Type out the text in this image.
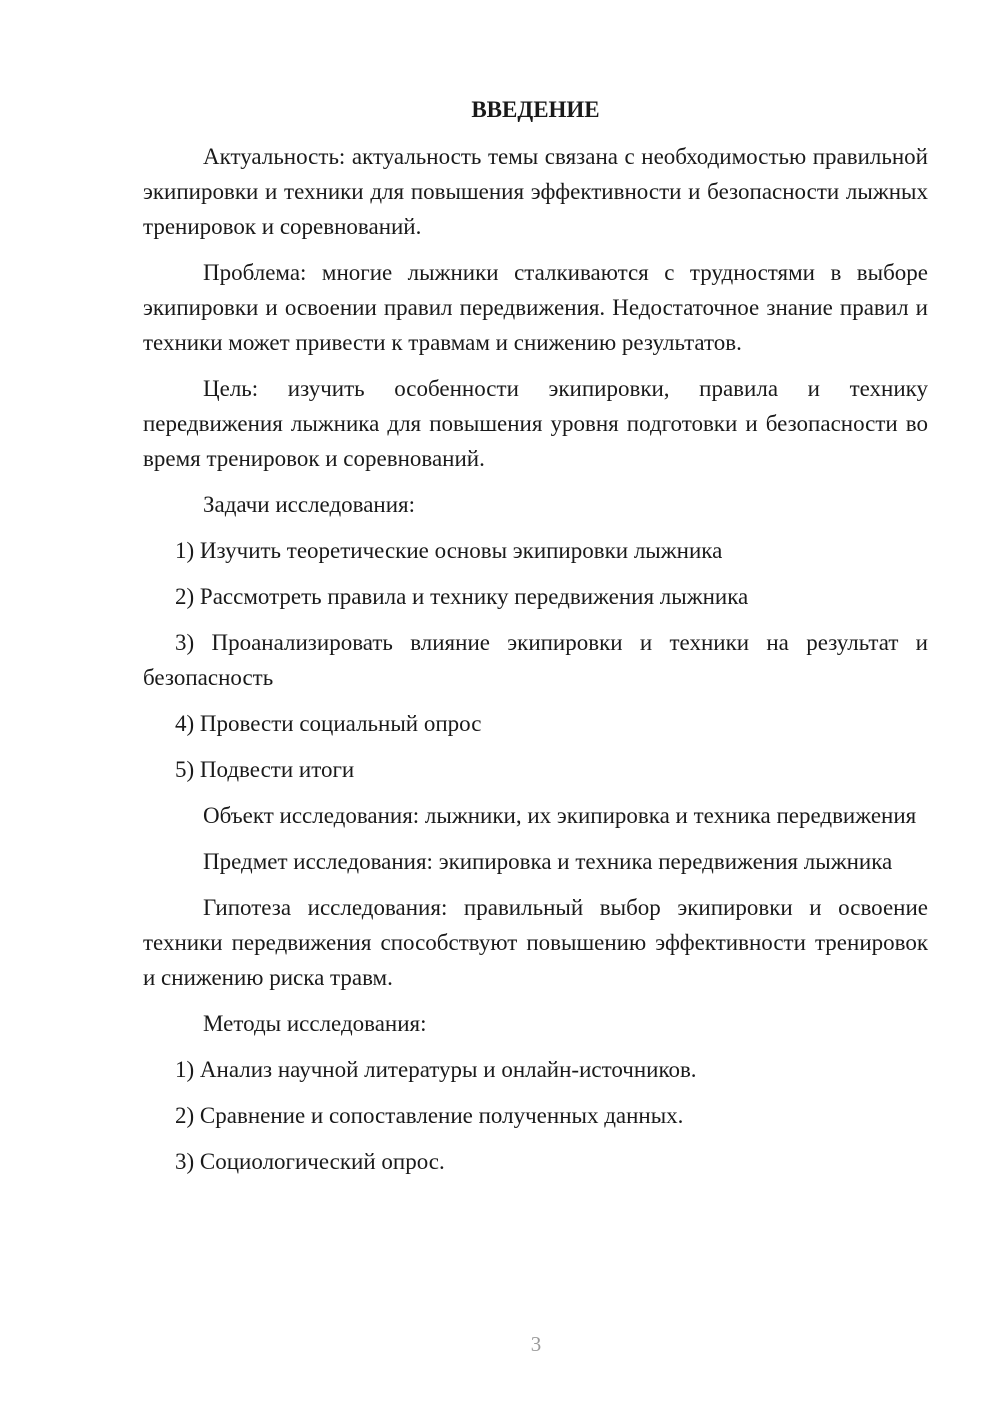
ВВЕДЕНИЕ

Актуальность: актуальность темы связана с необходимостью правильной экипировки и техники для повышения эффективности и безопасности лыжных тренировок и соревнований.

Проблема: многие лыжники сталкиваются с трудностями в выборе экипировки и освоении правил передвижения. Недостаточное знание правил и техники может привести к травмам и снижению результатов.

Цель: изучить особенности экипировки, правила и технику передвижения лыжника для повышения уровня подготовки и безопасности во время тренировок и соревнований.

Задачи исследования:

1) Изучить теоретические основы экипировки лыжника

2) Рассмотреть правила и технику передвижения лыжника

3) Проанализировать влияние экипировки и техники на результат и безопасность

4) Провести социальный опрос

5) Подвести итоги

Объект исследования: лыжники, их экипировка и техника передвижения

Предмет исследования: экипировка и техника передвижения лыжника

Гипотеза исследования: правильный выбор экипировки и освоение техники передвижения способствуют повышению эффективности тренировок и снижению риска травм.

Методы исследования:

1) Анализ научной литературы и онлайн-источников.

2) Сравнение и сопоставление полученных данных.

3) Социологический опрос.

3
